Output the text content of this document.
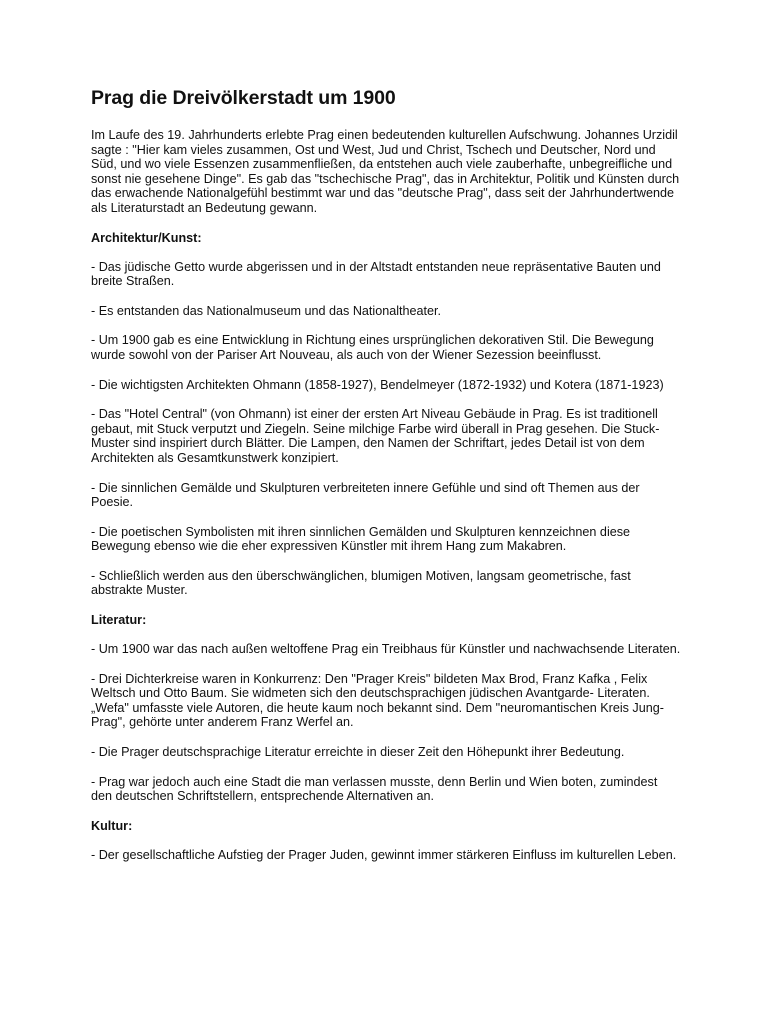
Prag die Dreivölkerstadt um 1900

Im Laufe des 19. Jahrhunderts erlebte Prag einen bedeutenden kulturellen Aufschwung. Johannes Urzidil sagte : "Hier kam vieles zusammen, Ost und West, Jud und Christ, Tschech und Deutscher, Nord und Süd, und wo viele Essenzen zusammenfließen, da entstehen auch viele zauberhafte, unbegreifliche und sonst nie gesehene Dinge". Es gab das "tschechische Prag", das in Architektur, Politik und Künsten durch das erwachende Nationalgefühl bestimmt war und das "deutsche Prag", dass seit der Jahrhundertwende als Literaturstadt an Bedeutung gewann.

Architektur/Kunst:

- Das jüdische Getto wurde abgerissen und in der Altstadt entstanden neue repräsentative Bauten und breite Straßen.

- Es entstanden das Nationalmuseum und das Nationaltheater.

- Um 1900 gab es eine Entwicklung in Richtung eines ursprünglichen dekorativen Stil. Die Bewegung wurde sowohl von der Pariser Art Nouveau, als auch von der Wiener Sezession beeinflusst.

- Die wichtigsten Architekten Ohmann (1858-1927), Bendelmeyer (1872-1932) und Kotera (1871-1923)

- Das "Hotel Central" (von Ohmann) ist einer der ersten Art Niveau Gebäude in Prag. Es ist traditionell gebaut, mit Stuck verputzt und Ziegeln. Seine milchige Farbe wird überall in Prag gesehen. Die Stuck-Muster sind inspiriert durch Blätter. Die Lampen, den Namen der Schriftart, jedes Detail ist von dem Architekten als Gesamtkunstwerk konzipiert.

- Die sinnlichen Gemälde und Skulpturen verbreiteten innere Gefühle und sind oft Themen aus der Poesie.

- Die poetischen Symbolisten mit ihren sinnlichen Gemälden und Skulpturen kennzeichnen diese Bewegung ebenso wie die eher expressiven Künstler mit ihrem Hang zum Makabren.

- Schließlich werden aus den überschwänglichen, blumigen Motiven, langsam geometrische, fast abstrakte Muster.

Literatur:

- Um 1900 war das nach außen weltoffene Prag ein Treibhaus für Künstler und nachwachsende Literaten.

- Drei Dichterkreise waren in Konkurrenz: Den "Prager Kreis" bildeten Max Brod, Franz Kafka , Felix Weltsch und Otto Baum. Sie widmeten sich den deutschsprachigen jüdischen Avantgarde- Literaten. „Wefa" umfasste viele Autoren, die heute kaum noch bekannt sind. Dem "neuromantischen Kreis Jung-Prag", gehörte unter anderem Franz Werfel an.

- Die Prager deutschsprachige Literatur erreichte in dieser Zeit den Höhepunkt ihrer Bedeutung.

- Prag war jedoch auch eine Stadt die man verlassen musste, denn Berlin und Wien boten, zumindest den deutschen Schriftstellern, entsprechende Alternativen an.

Kultur:

- Der gesellschaftliche Aufstieg der Prager Juden, gewinnt immer stärkeren Einfluss im kulturellen Leben.
